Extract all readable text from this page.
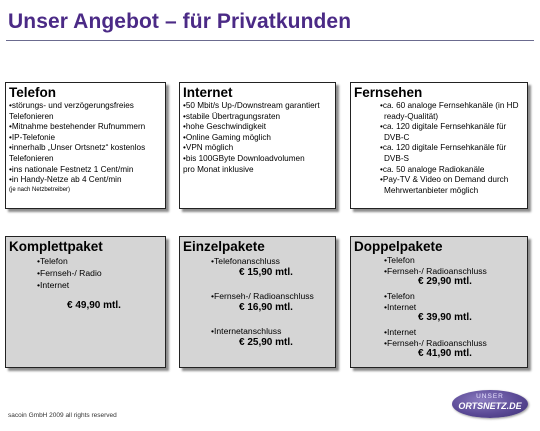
Unser Angebot – für Privatkunden
Telefon
• störungs- und verzögerungsfreies Telefonieren
• Mitnahme bestehender Rufnummern
• IP-Telefonie
• innerhalb „Unser Ortsnetz“ kostenlos Telefonieren
• ins nationale Festnetz 1 Cent/min
• in Handy-Netze ab 4 Cent/min
(je nach Netzbetreiber)
Internet
• 50 Mbit/s Up-/Downstream garantiert
• stabile Übertragungsraten
• hohe Geschwindigkeit
• Online Gaming möglich
• VPN möglich
• bis 100GByte Downloadvolumen
pro Monat inklusive
Fernsehen
• ca. 60 analoge Fernsehkanäle (in HD ready-Qualität)
• ca. 120 digitale Fernsehkanäle für DVB-C
• ca. 120 digitale Fernsehkanäle für DVB-S
• ca. 50 analoge Radiokanäle
• Pay-TV & Video on Demand durch Mehrwertanbieter möglich
Komplettpaket
• Telefon
• Fernseh-/ Radio
• Internet
€ 49,90 mtl.
Einzelpakete
• Telefonanschluss
€ 15,90 mtl.
• Fernseh-/ Radioanschluss
€ 16,90 mtl.
• Internetanschluss
€ 25,90 mtl.
Doppelpakete
• Telefon
• Fernseh-/ Radioanschluss
€ 29,90 mtl.
• Telefon
• Internet
€ 39,90 mtl.
• Internet
• Fernseh-/ Radioanschluss
€ 41,90 mtl.
sacoin GmbH 2009 all rights reserved
UNSER
ORTSNETZ.DE
